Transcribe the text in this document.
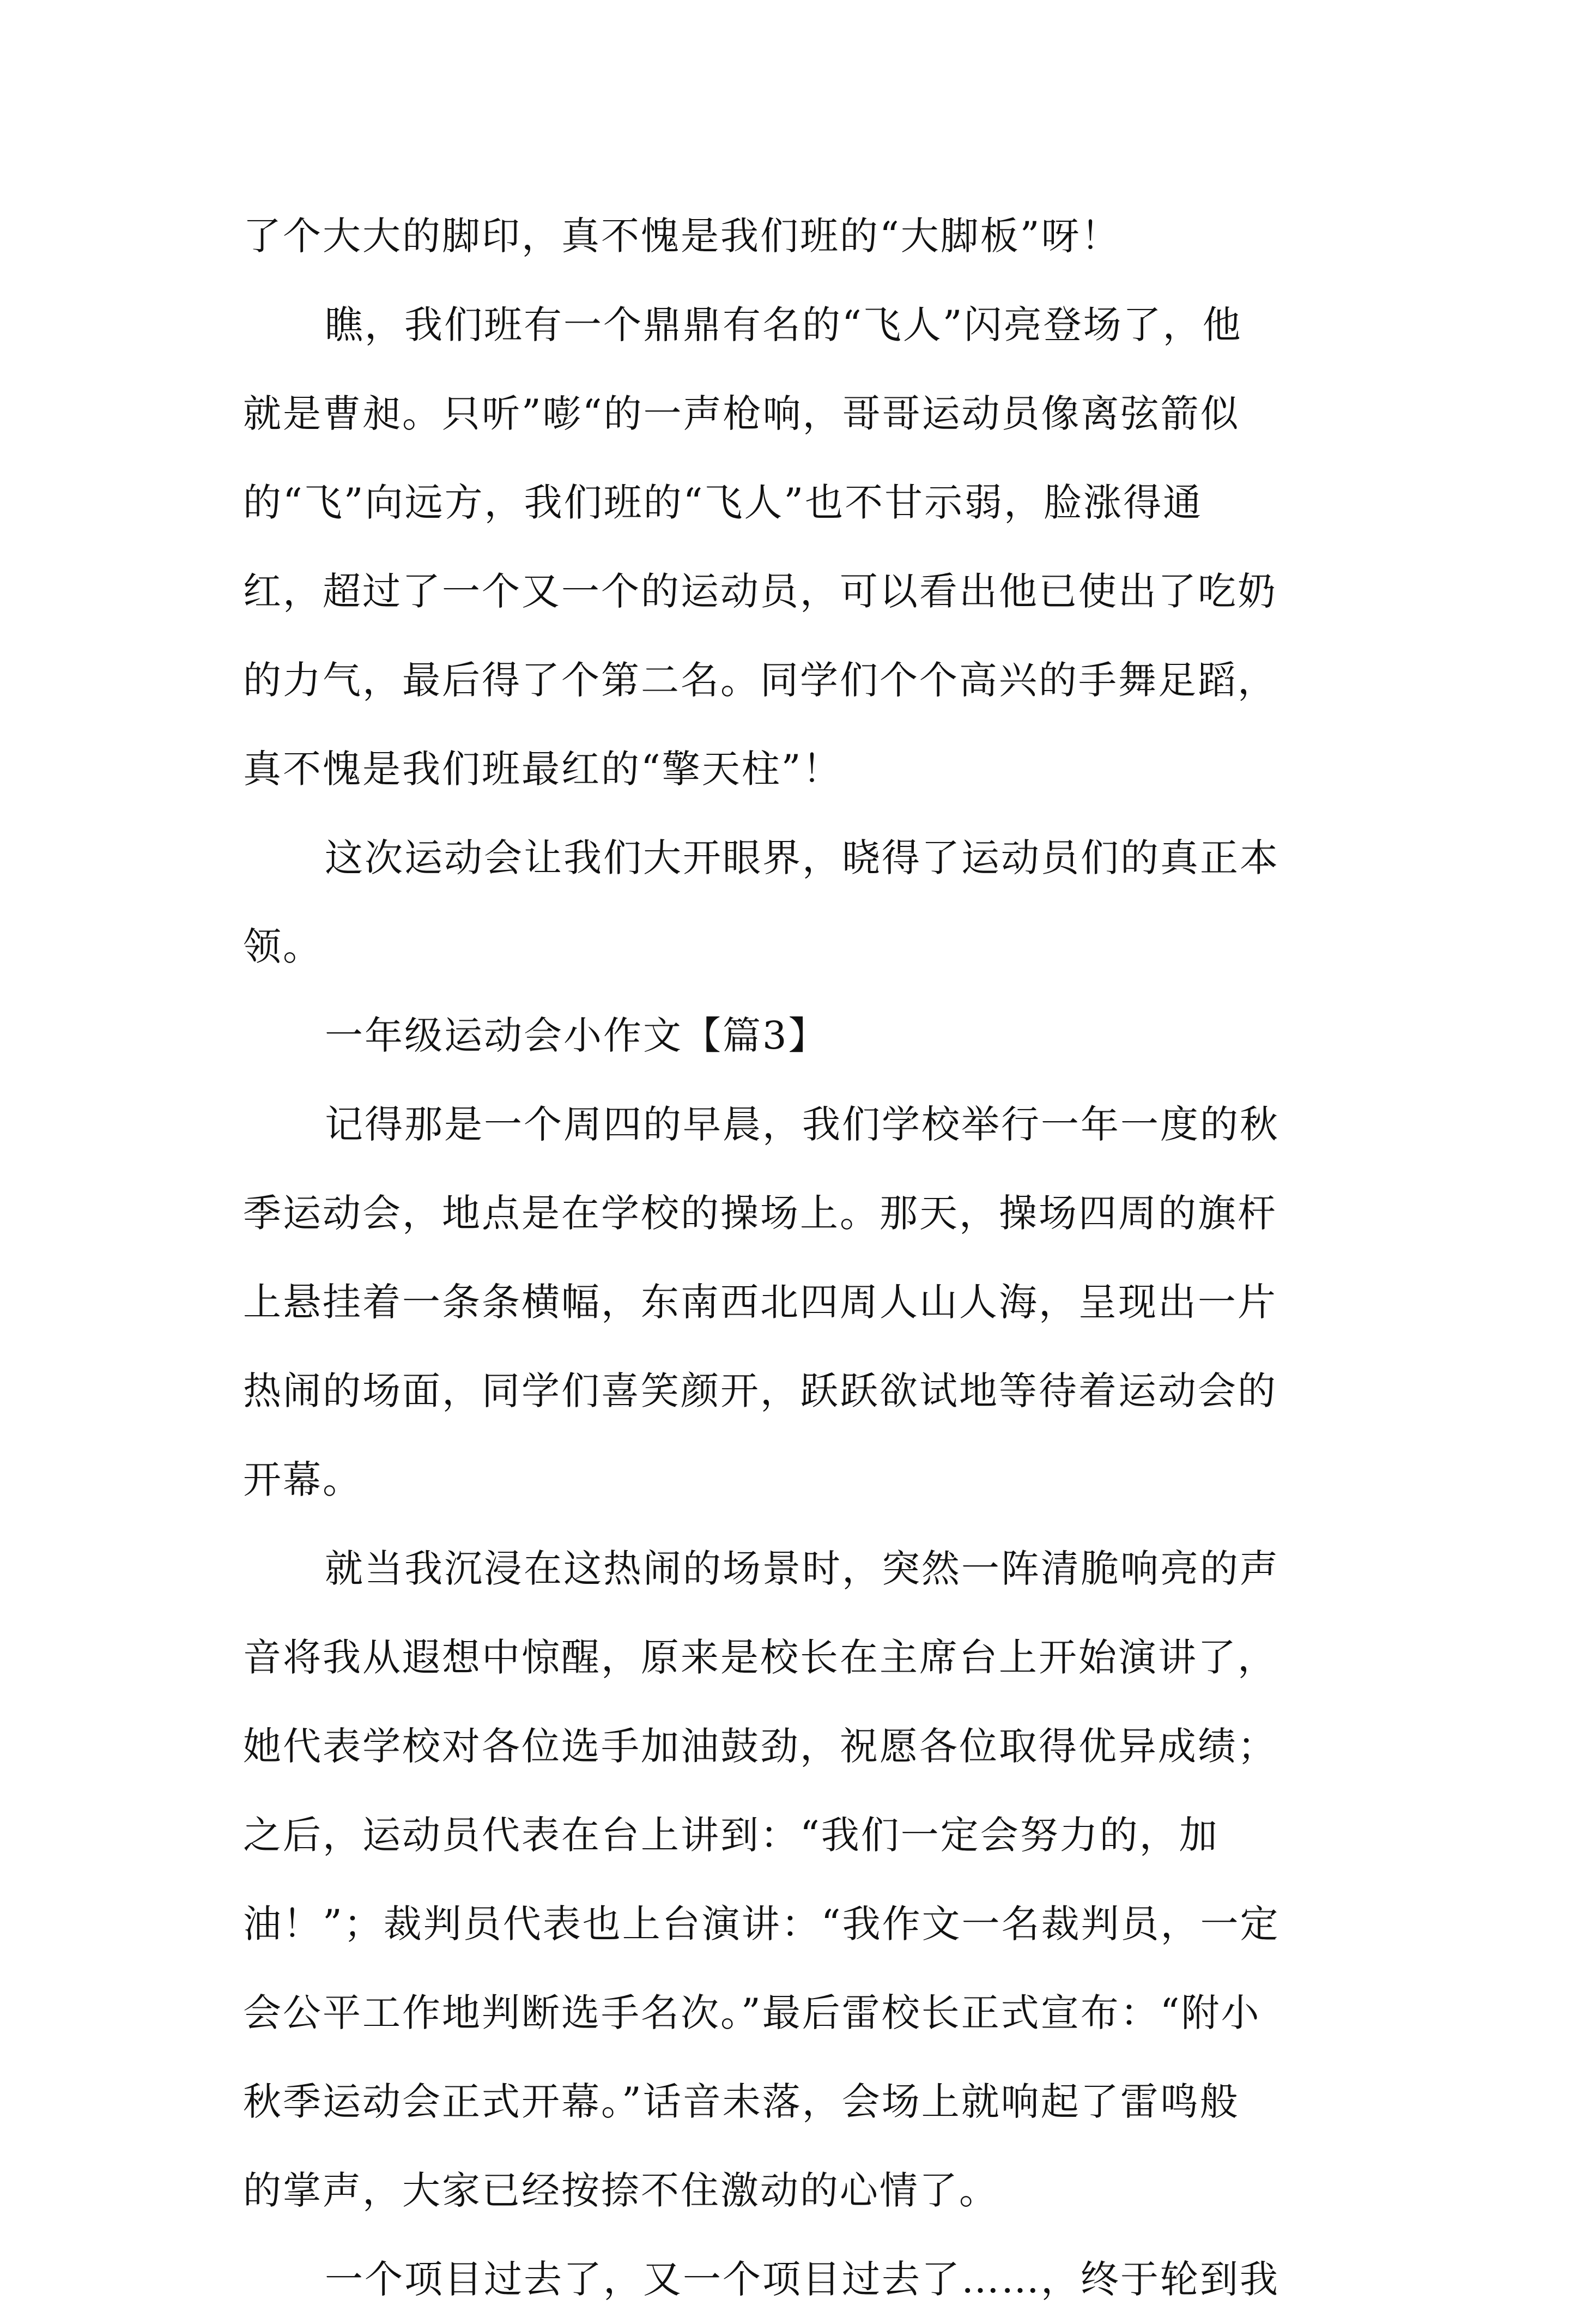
了个大大的脚印，真不愧是我们班的“大脚板”呀！
瞧，我们班有一个鼎鼎有名的“飞人”闪亮登场了，他
就是曹昶。只听”嘭“的一声枪响，哥哥运动员像离弦箭似
的“飞”向远方，我们班的“飞人”也不甘示弱，脸涨得通
红，超过了一个又一个的运动员，可以看出他已使出了吃奶
的力气，最后得了个第二名。同学们个个高兴的手舞足蹈，
真不愧是我们班最红的“擎天柱”！
这次运动会让我们大开眼界，晓得了运动员们的真正本
领。
一年级运动会小作文【篇3】
记得那是一个周四的早晨，我们学校举行一年一度的秋
季运动会，地点是在学校的操场上。那天，操场四周的旗杆
上悬挂着一条条横幅，东南西北四周人山人海，呈现出一片
热闹的场面，同学们喜笑颜开，跃跃欲试地等待着运动会的
开幕。
就当我沉浸在这热闹的场景时，突然一阵清脆响亮的声
音将我从遐想中惊醒，原来是校长在主席台上开始演讲了，
她代表学校对各位选手加油鼓劲，祝愿各位取得优异成绩；
之后，运动员代表在台上讲到：“我们一定会努力的，加
油！”；裁判员代表也上台演讲：“我作文一名裁判员，一定
会公平工作地判断选手名次。”最后雷校长正式宣布：“附小
秋季运动会正式开幕。”话音未落，会场上就响起了雷鸣般
的掌声，大家已经按捺不住激动的心情了。
一个项目过去了，又一个项目过去了……，终于轮到我
